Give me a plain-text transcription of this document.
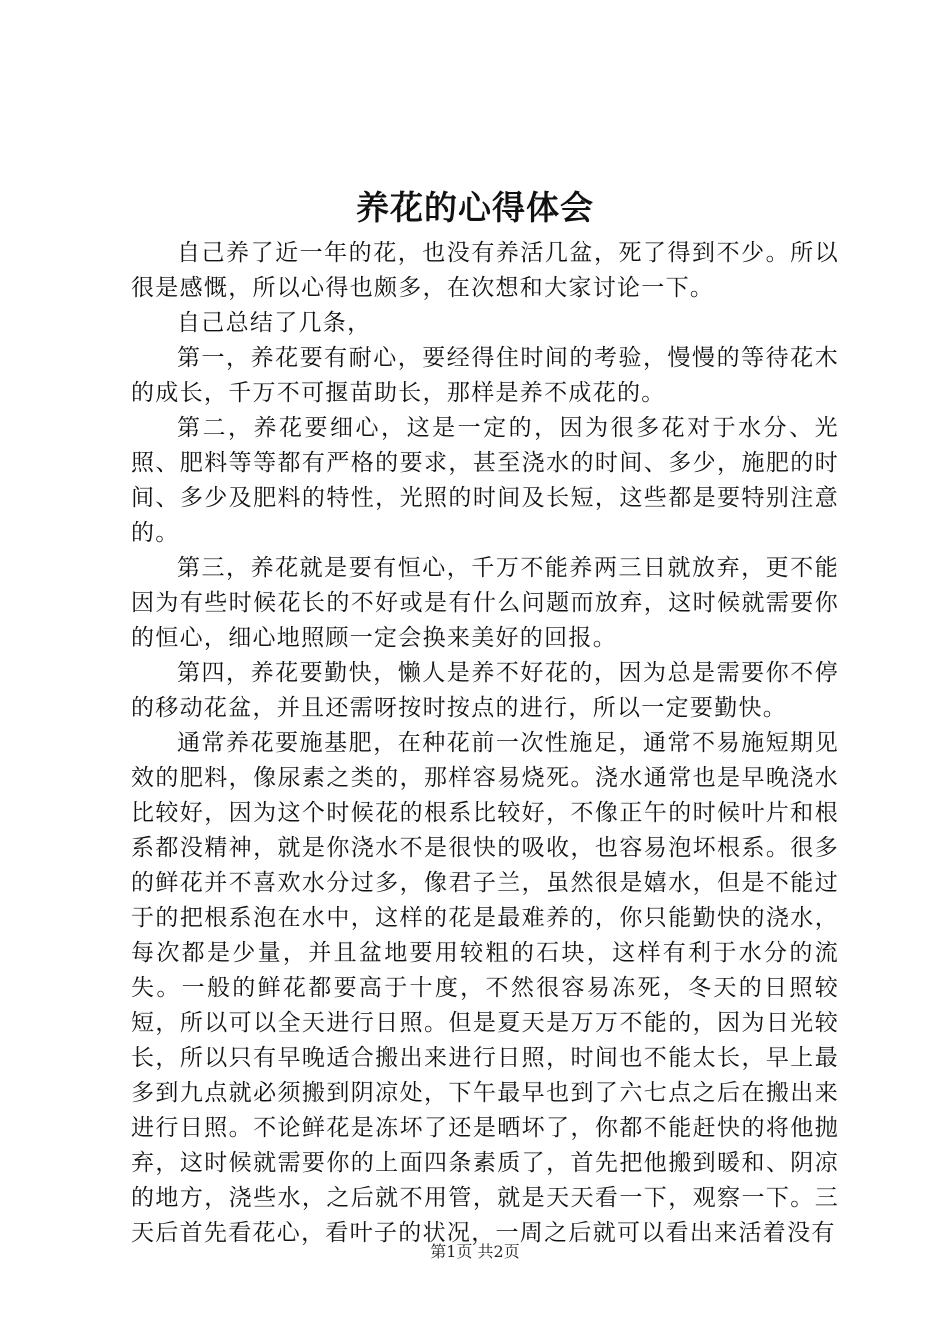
养花的心得体会

自己养了近一年的花，也没有养活几盆，死了得到不少。所以很是感慨，所以心得也颇多，在次想和大家讨论一下。

自己总结了几条，

第一，养花要有耐心，要经得住时间的考验，慢慢的等待花木的成长，千万不可揠苗助长，那样是养不成花的。

第二，养花要细心，这是一定的，因为很多花对于水分、光照、肥料等等都有严格的要求，甚至浇水的时间、多少，施肥的时间、多少及肥料的特性，光照的时间及长短，这些都是要特别注意的。

第三，养花就是要有恒心，千万不能养两三日就放弃，更不能因为有些时候花长的不好或是有什么问题而放弃，这时候就需要你的恒心，细心地照顾一定会换来美好的回报。

第四，养花要勤快，懒人是养不好花的，因为总是需要你不停的移动花盆，并且还需呀按时按点的进行，所以一定要勤快。

通常养花要施基肥，在种花前一次性施足，通常不易施短期见效的肥料，像尿素之类的，那样容易烧死。浇水通常也是早晚浇水比较好，因为这个时候花的根系比较好，不像正午的时候叶片和根系都没精神，就是你浇水不是很快的吸收，也容易泡坏根系。很多的鲜花并不喜欢水分过多，像君子兰，虽然很是嬉水，但是不能过于的把根系泡在水中，这样的花是最难养的，你只能勤快的浇水，每次都是少量，并且盆地要用较粗的石块，这样有利于水分的流失。一般的鲜花都要高于十度，不然很容易冻死，冬天的日照较短，所以可以全天进行日照。但是夏天是万万不能的，因为日光较长，所以只有早晚适合搬出来进行日照，时间也不能太长，早上最多到九点就必须搬到阴凉处，下午最早也到了六七点之后在搬出来进行日照。不论鲜花是冻坏了还是晒坏了，你都不能赶快的将他抛弃，这时候就需要你的上面四条素质了，首先把他搬到暖和、阴凉的地方，浇些水，之后就不用管，就是天天看一下，观察一下。三天后首先看花心，看叶子的状况，一周之后就可以看出来活着没有

第1页 共2页
